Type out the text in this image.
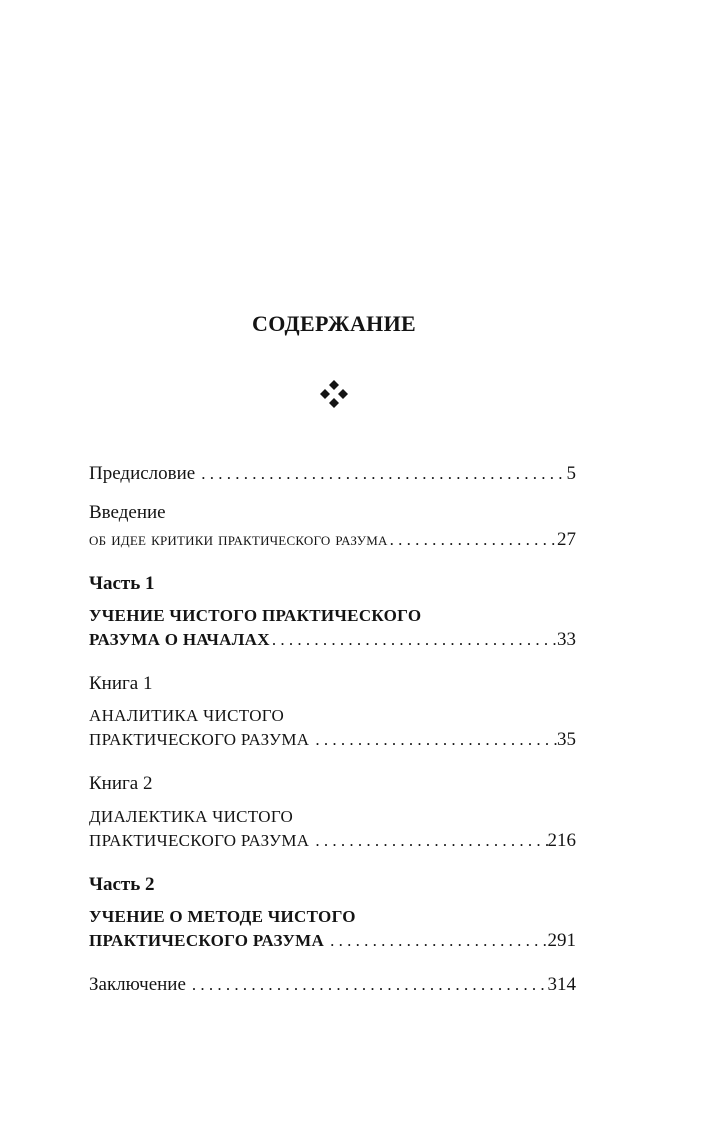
СОДЕРЖАНИЕ
Предисловие . . .	5
Введение
об идее критики практического разума . . .	27
Часть 1
УЧЕНИЕ ЧИСТОГО ПРАКТИЧЕСКОГО
РАЗУМА О НАЧАЛАХ . . .	33
Книга 1
АНАЛИТИКА ЧИСТОГО
ПРАКТИЧЕСКОГО РАЗУМА . . .	35
Книга 2
ДИАЛЕКТИКА ЧИСТОГО
ПРАКТИЧЕСКОГО РАЗУМА . . .	216
Часть 2
УЧЕНИЕ О МЕТОДЕ ЧИСТОГО
ПРАКТИЧЕСКОГО РАЗУМА . . .	291
Заключение . . .	314
